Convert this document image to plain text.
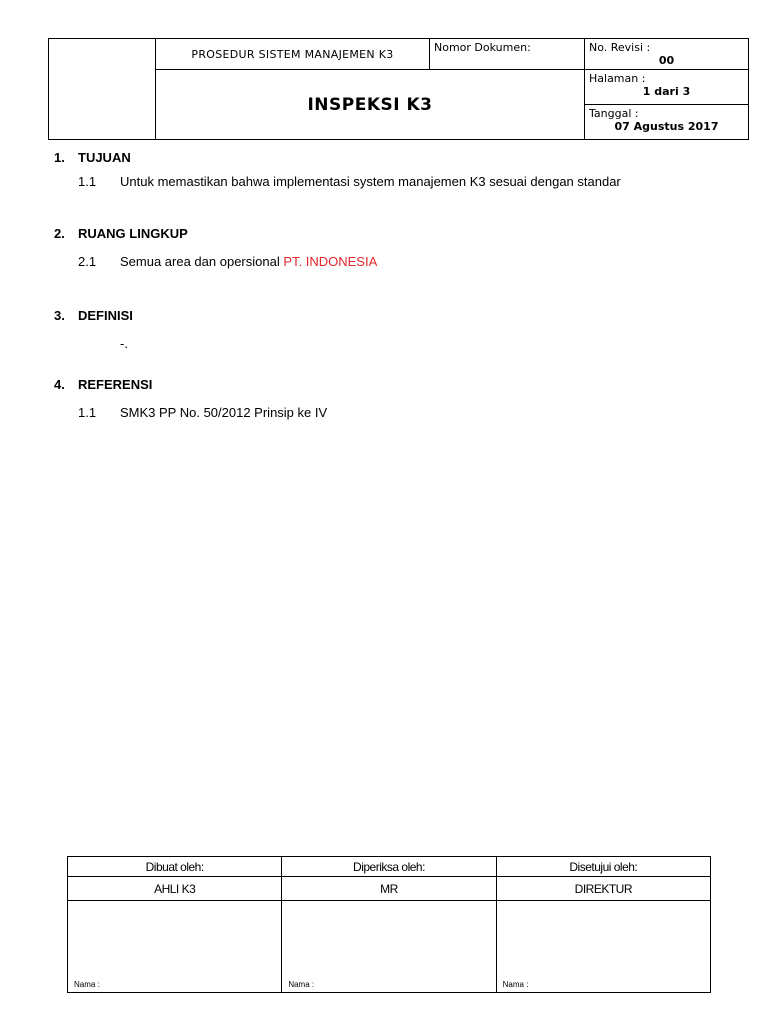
	PROSEDUR SISTEM MANAJEMEN K3	Nomor Dokumen:	No. Revisi :
00

	INSPEKSI K3		Halaman :
1 dari 3

			Tanggal :
07 Agustus 2017
1. TUJUAN
1.1 Untuk memastikan bahwa implementasi system manajemen K3 sesuai dengan standar
2. RUANG LINGKUP
2.1 Semua area dan opersional PT. INDONESIA
3. DEFINISI
-.
4. REFERENSI
1.1 SMK3 PP No. 50/2012 Prinsip ke IV
Dibuat oleh:	Diperiksa oleh:	Disetujui oleh:
AHLI K3	MR	DIREKTUR
Nama :	Nama :	Nama :
